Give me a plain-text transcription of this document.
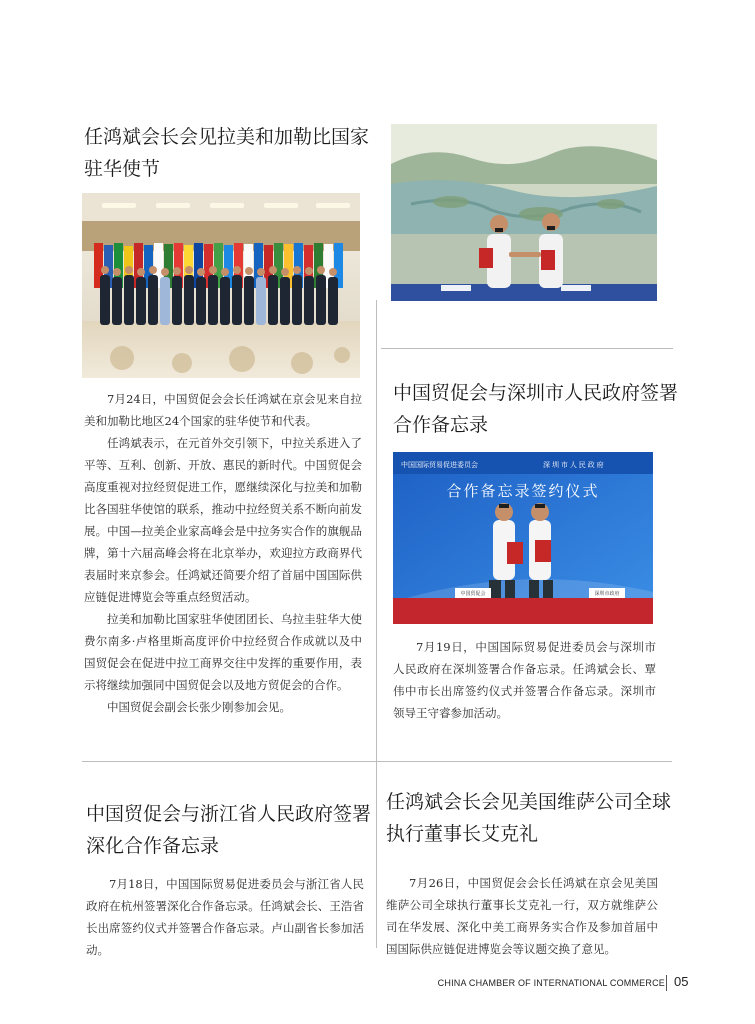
任鸿斌会长会见拉美和加勒比国家
驻华使节

7月24日，中国贸促会会长任鸿斌在京会见来自拉美和加勒比地区24个国家的驻华使节和代表。

任鸿斌表示，在元首外交引领下，中拉关系进入了平等、互利、创新、开放、惠民的新时代。中国贸促会高度重视对拉经贸促进工作，愿继续深化与拉美和加勒比各国驻华使馆的联系，推动中拉经贸关系不断向前发展。中国—拉美企业家高峰会是中拉务实合作的旗舰品牌，第十六届高峰会将在北京举办，欢迎拉方政商界代表届时来京参会。任鸿斌还简要介绍了首届中国国际供应链促进博览会等重点经贸活动。

拉美和加勒比国家驻华使团团长、乌拉圭驻华大使费尔南多·卢格里斯高度评价中拉经贸合作成就以及中国贸促会在促进中拉工商界交往中发挥的重要作用，表示将继续加强同中国贸促会以及地方贸促会的合作。

中国贸促会副会长张少刚参加会见。

中国贸促会与深圳市人民政府签署
合作备忘录
中国国际贸易促进委员会	深 圳 市 人 民 政 府
合作备忘录签约仪式
中国贸促会	深圳市政府

7月19日，中国国际贸易促进委员会与深圳市人民政府在深圳签署合作备忘录。任鸿斌会长、覃伟中市长出席签约仪式并签署合作备忘录。深圳市领导王守睿参加活动。

中国贸促会与浙江省人民政府签署
深化合作备忘录

7月18日，中国国际贸易促进委员会与浙江省人民政府在杭州签署深化合作备忘录。任鸿斌会长、王浩省长出席签约仪式并签署合作备忘录。卢山副省长参加活动。

任鸿斌会长会见美国维萨公司全球
执行董事长艾克礼

7月26日，中国贸促会会长任鸿斌在京会见美国维萨公司全球执行董事长艾克礼一行，双方就维萨公司在华发展、深化中美工商界务实合作及参加首届中国国际供应链促进博览会等议题交换了意见。

CHINA CHAMBER OF INTERNATIONAL COMMERCE 05
